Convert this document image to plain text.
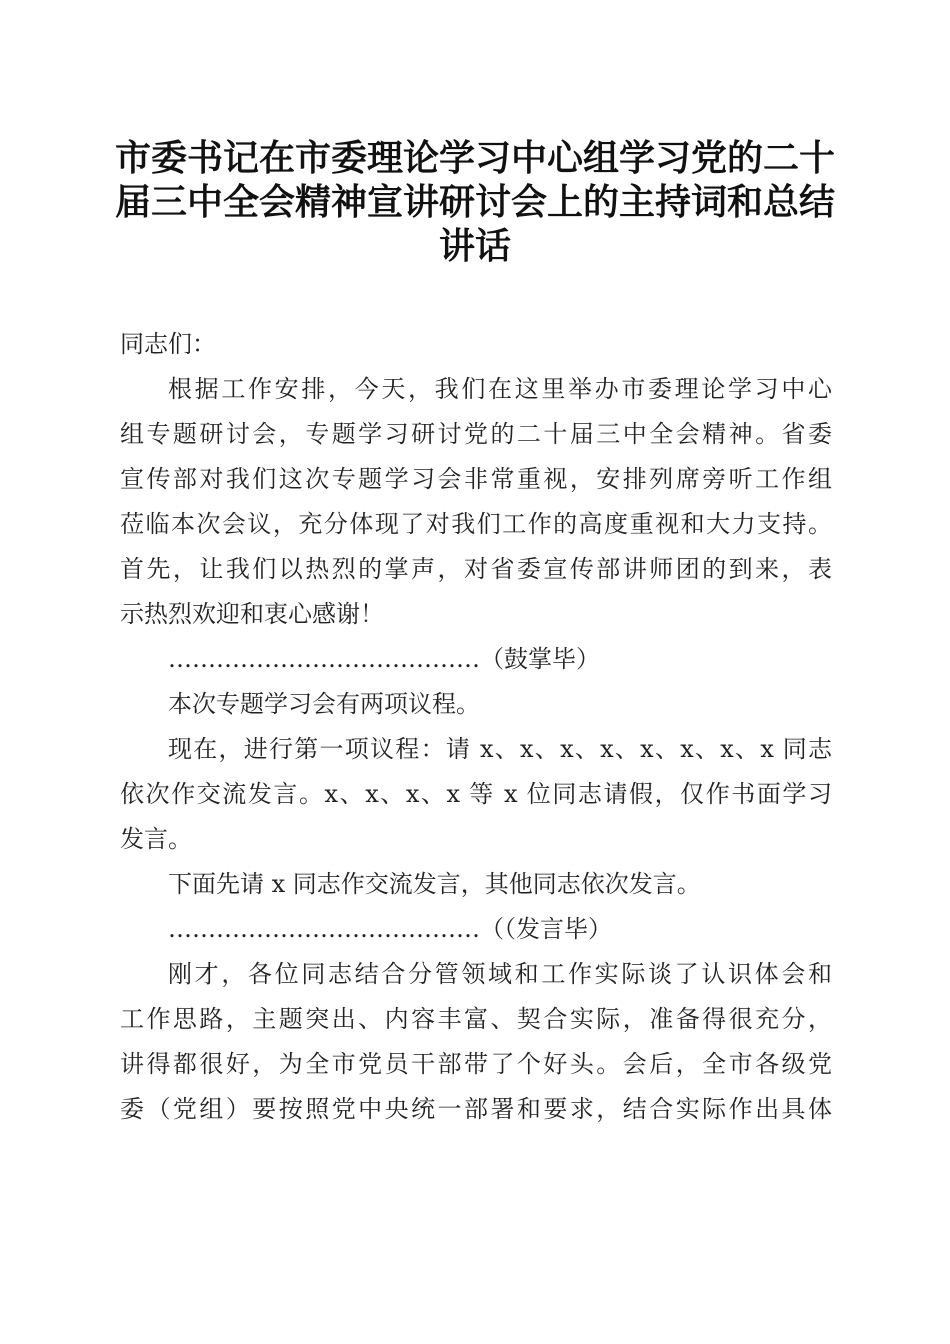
市委书记在市委理论学习中心组学习党的二十
届三中全会精神宣讲研讨会上的主持词和总结
讲话
同志们：
根据工作安排，今天，我们在这里举办市委理论学习中心
组专题研讨会，专题学习研讨党的二十届三中全会精神。省委
宣传部对我们这次专题学习会非常重视，安排列席旁听工作组
莅临本次会议，充分体现了对我们工作的高度重视和大力支持。
首先，让我们以热烈的掌声，对省委宣传部讲师团的到来，表
示热烈欢迎和衷心感谢！
…………………………………（鼓掌毕）
本次专题学习会有两项议程。
现在，进行第一项议程：请 x、x、x、x、x、x、x、x 同志
依次作交流发言。x、x、x、x 等 x 位同志请假，仅作书面学习
发言。
下面先请 x 同志作交流发言，其他同志依次发言。
…………………………………（（发言毕）
刚才，各位同志结合分管领域和工作实际谈了认识体会和
工作思路，主题突出、内容丰富、契合实际，准备得很充分，
讲得都很好，为全市党员干部带了个好头。会后，全市各级党
委（党组）要按照党中央统一部署和要求，结合实际作出具体
